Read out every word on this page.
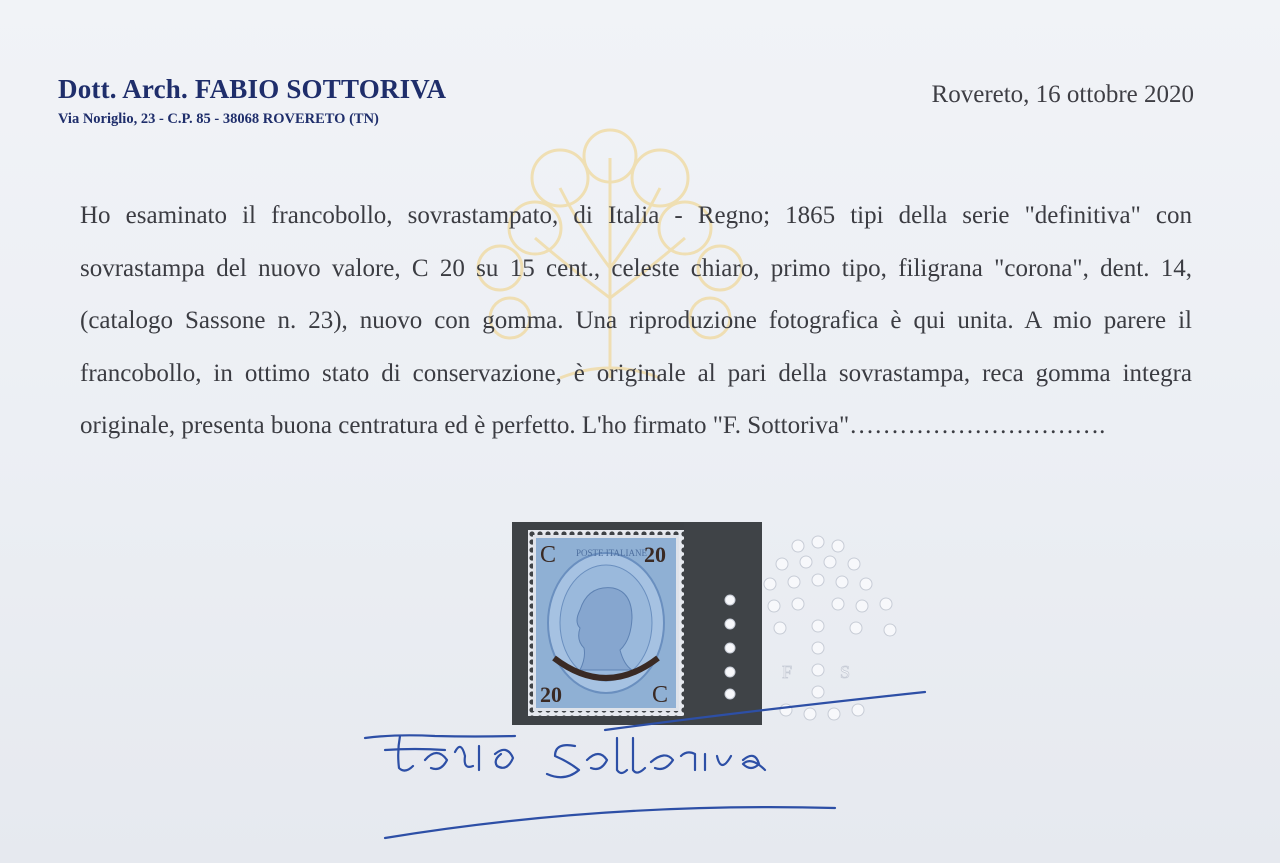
Dott. Arch. FABIO SOTTORIVA
Via Noriglio, 23 - C.P. 85 - 38068 ROVERETO (TN)
Rovereto, 16 ottobre 2020
Ho esaminato il francobollo, sovrastampato, di Italia - Regno; 1865 tipi della serie "definitiva" con sovrastampa del nuovo valore, C 20 su 15 cent., celeste chiaro, primo tipo, filigrana "corona", dent. 14, (catalogo Sassone n. 23), nuovo con gomma. Una riproduzione fotografica è qui unita. A mio parere il francobollo, in ottimo stato di conservazione, è originale al pari della sovrastampa, reca gomma integra originale, presenta buona centratura ed è perfetto. L'ho firmato "F. Sottoriva"………………………….
C	20
20	C
POSTE ITALIANE
F	S
